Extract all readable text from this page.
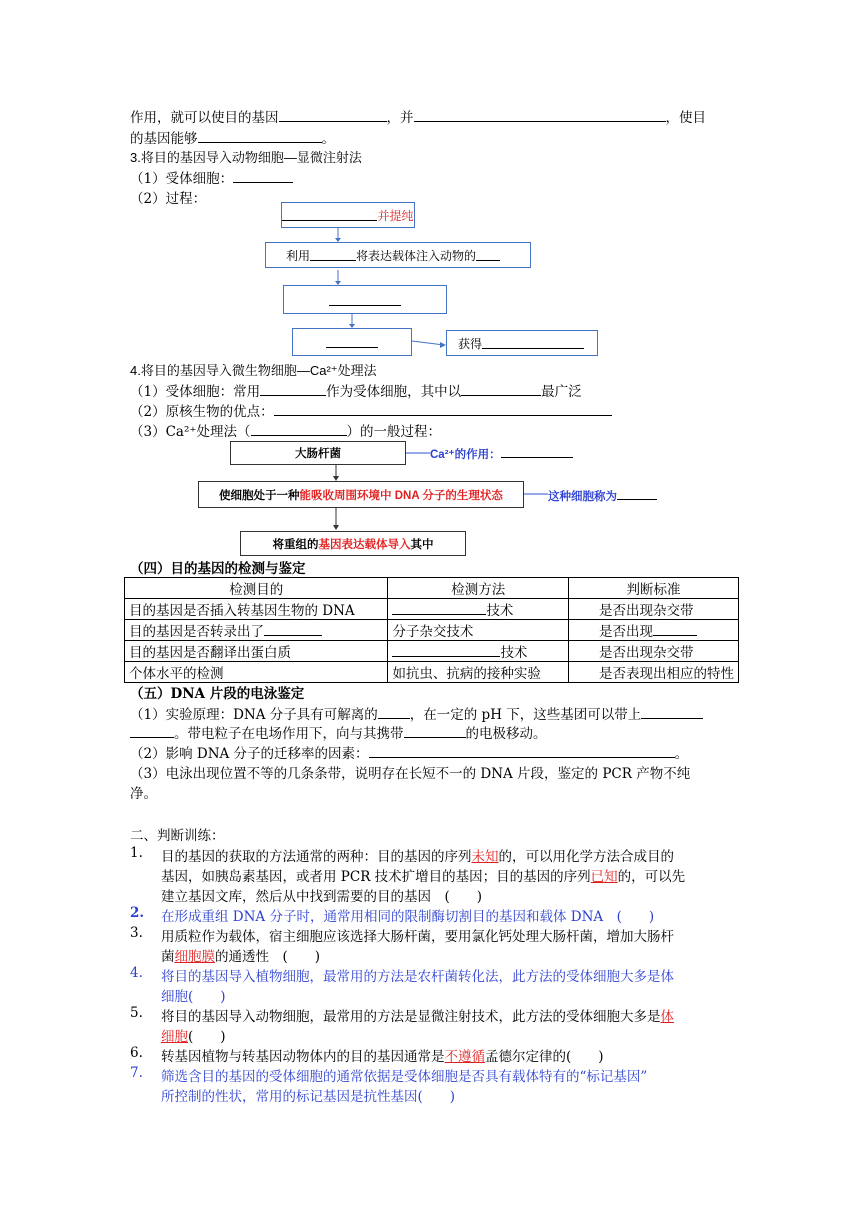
作用，就可以使目的基因	，并	，使目
的基因能够	。
3.将目的基因导入动物细胞—显微注射法
（1）受体细胞：
（2）过程：
并提纯
利用	将表达载体注入动物的
获得
4.将目的基因导入微生物细胞—Ca²⁺处理法
（1）受体细胞：常用	作为受体细胞，其中以	最广泛
（2）原核生物的优点：
（3）Ca²⁺处理法（	）的一般过程：
大肠杆菌	Ca²⁺的作用：
使细胞处于一种 能吸收周围环境中 DNA 分子的生理状态	这种细胞称为
将重组的 基因表达载体导入 其中
（四）目的基因的检测与鉴定
检测目的	检测方法	判断标准
目的基因是否插入转基因生物的 DNA	技术	是否出现杂交带
目的基因是否转录出了	分子杂交技术	是否出现
目的基因是否翻译出蛋白质	技术	是否出现杂交带
个体水平的检测	如抗虫、抗病的接种实验	是否表现出相应的特性
（五）DNA 片段的电泳鉴定
（1）实验原理：DNA 分子具有可解离的 ，在一定的 pH 下，这些基团可以带上
。带电粒子在电场作用下，向与其携带	的电极移动。
（2）影响 DNA 分子的迁移率的因素：	。
（3）电泳出现位置不等的几条条带，说明存在长短不一的 DNA 片段，鉴定的 PCR 产物不纯
净。
二、判断训练：
1. 目的基因的获取的方法通常的两种：目的基因的序列未知的，可以用化学方法合成目的
基因，如胰岛素基因，或者用 PCR 技术扩增目的基因；目的基因的序列已知的，可以先
建立基因文库，然后从中找到需要的目的基因　(　　)
2. 在形成重组 DNA 分子时，通常用相同的限制酶切割目的基因和载体 DNA　(　　)
3. 用质粒作为载体，宿主细胞应该选择大肠杆菌，要用氯化钙处理大肠杆菌，增加大肠杆
菌细胞膜的通透性　(　　)
4. 将目的基因导入植物细胞，最常用的方法是农杆菌转化法，此方法的受体细胞大多是体
细胞(　　)
5. 将目的基因导入动物细胞，最常用的方法是显微注射技术，此方法的受体细胞大多是体
细胞(　　)
6. 转基因植物与转基因动物体内的目的基因通常是不遵循孟德尔定律的(　　)
7. 筛选含目的基因的受体细胞的通常依据是受体细胞是否具有载体特有的“标记基因”
所控制的性状，常用的标记基因是抗性基因(　　)
